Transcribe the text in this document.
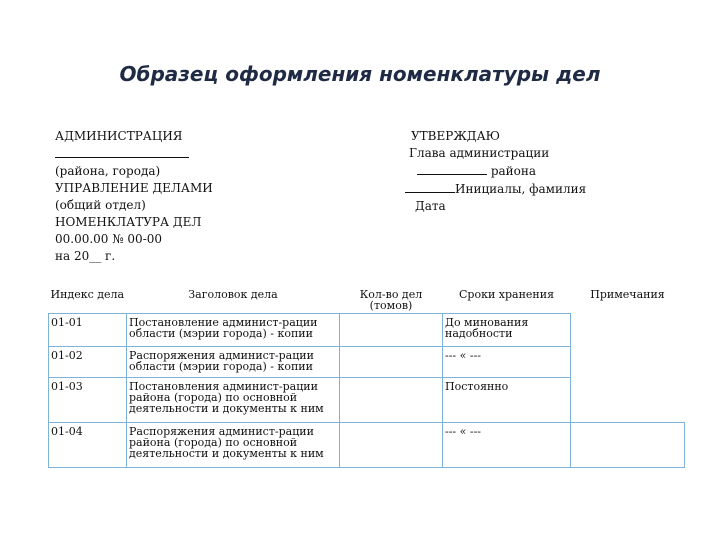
Образец оформления номенклатуры дел
АДМИНИСТРАЦИЯ
(района, города)
УПРАВЛЕНИЕ ДЕЛАМИ
(общий отдел)
НОМЕНКЛАТУРА ДЕЛ
00.00.00 № 00-00
на 20__ г.
УТВЕРЖДАЮ
Глава администрации
района
Инициалы, фамилия
Дата
Индекс дела	Заголовок дела	Кол-во дел (томов)	Сроки хранения	Примечания
01-01	Постановление админист-рации области (мэрии города) - копии		До минования надобности	
01-02	Распоряжения админист-рации области (мэрии города) - копии		--- « ---	
01-03	Постановления админист-рации района (города) по основной деятельности и документы к ним		Постоянно	
01-04	Распоряжения админист-рации района (города) по основной деятельности и документы к ним		--- « ---	
